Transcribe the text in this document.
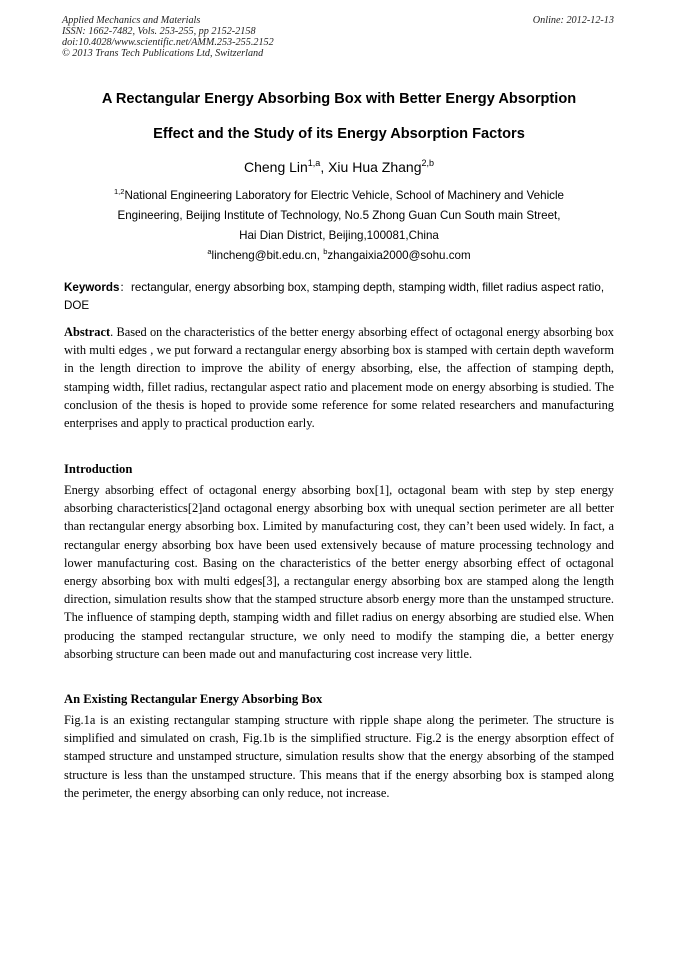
Applied Mechanics and Materials
ISSN: 1662-7482, Vols. 253-255, pp 2152-2158
doi:10.4028/www.scientific.net/AMM.253-255.2152
© 2013 Trans Tech Publications Ltd, Switzerland
Online: 2012-12-13
A Rectangular Energy Absorbing Box with Better Energy Absorption
Effect and the Study of its Energy Absorption Factors
Cheng Lin$^{1,a}$, Xiu Hua Zhang$^{2,b}$
$^{1,2}$National Engineering Laboratory for Electric Vehicle, School of Machinery and Vehicle
Engineering, Beijing Institute of Technology, No.5 Zhong Guan Cun South main Street,
Hai Dian District, Beijing,100081,China
$^a$lincheng@bit.edu.cn, $^b$zhangaixia2000@sohu.com
Keywords：rectangular, energy absorbing box, stamping depth, stamping width, fillet radius aspect ratio, DOE
Abstract. Based on the characteristics of the better energy absorbing effect of octagonal energy absorbing box with multi edges , we put forward a rectangular energy absorbing box is stamped with certain depth waveform in the length direction to improve the ability of energy absorbing, else, the affection of stamping depth, stamping width, fillet radius, rectangular aspect ratio and placement mode on energy absorbing is studied. The conclusion of the thesis is hoped to provide some reference for some related researchers and manufacturing enterprises and apply to practical production early.
Introduction
Energy absorbing effect of octagonal energy absorbing box[1], octagonal beam with step by step energy absorbing characteristics[2]and octagonal energy absorbing box with unequal section perimeter are all better than rectangular energy absorbing box. Limited by manufacturing cost, they can’t been used widely. In fact, a rectangular energy absorbing box have been used extensively because of mature processing technology and lower manufacturing cost. Basing on the characteristics of the better energy absorbing effect of octagonal energy absorbing box with multi edges[3], a rectangular energy absorbing box are stamped along the length direction, simulation results show that the stamped structure absorb energy more than the unstamped structure. The influence of stamping depth, stamping width and fillet radius on energy absorbing are studied else. When producing the stamped rectangular structure, we only need to modify the stamping die, a better energy absorbing structure can been made out and manufacturing cost increase very little.
An Existing Rectangular Energy Absorbing Box
Fig.1a is an existing rectangular stamping structure with ripple shape along the perimeter. The structure is simplified and simulated on crash, Fig.1b is the simplified structure. Fig.2 is the energy absorption effect of stamped structure and unstamped structure, simulation results show that the energy absorbing of the stamped structure is less than the unstamped structure. This means that if the energy absorbing box is stamped along the perimeter, the energy absorbing can only reduce, not increase.
